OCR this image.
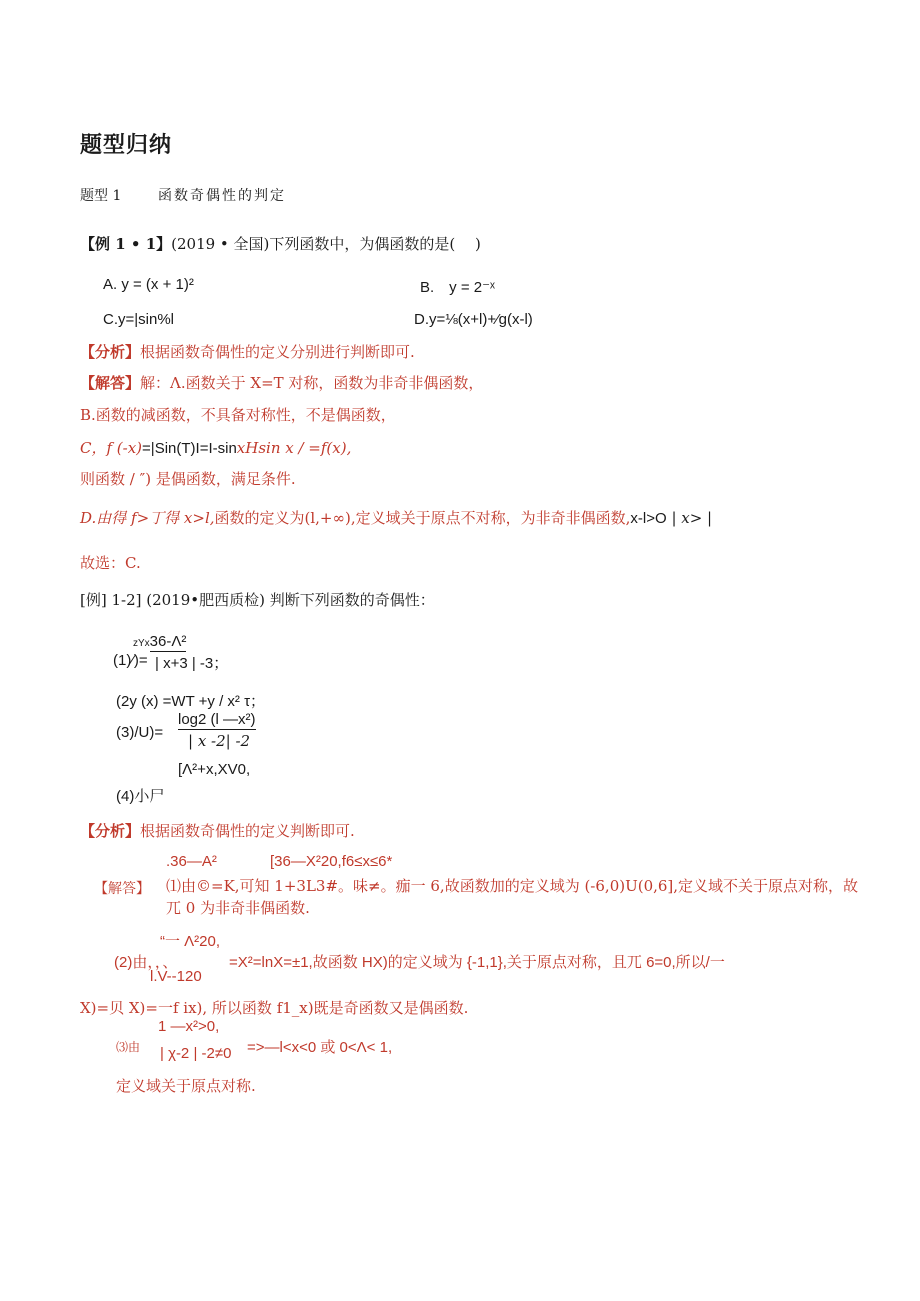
题型归纳
题型 1	函数奇偶性的判定
【例 1 • 1】(2019 • 全国)下列函数中，为偶函数的是(　 )
A. y = (x + 1)²	B.　y = 2⁻ˣ
C.y=|sin%l	D.y=⅛(x+l)+⁄g(x-l)
【分析】根据函数奇偶性的定义分别进行判断即可.
【解答】解：Λ.函数关于 X=T 对称，函数为非奇非偶函数，
B.函数的减函数，不具备对称性，不是偶函数，
C，f (-x)=|Sin(T)I=I-sinxHsin x / =f(x),
则函数 / ″) 是偶函数，满足条件.
D.由得 f>丁得 x>l,函数的定义为(l,+∞),定义域关于原点不对称，为非奇非偶函数,x-l>O | x> |
故选：C.
[例] 1-2] (2019•肥西质检) 判断下列函数的奇偶性：
zYx36-Λ²
(1)⁄)= | x+3 | -3；
(2y (x) =WT +y / x² τ；
(3)/U)=
log2 (l —x²)
| x -2| -2
[Λ²+x,XV0,
(4)小尸
【分析】根据函数奇偶性的定义判断即可.
.36—A²	[36—X²20,f6≤x≤6*
【解答】 ⑴由©=K,可知 1+3L3#。味≠。痂一 6,故函数加的定义域为 (-6,0)U(0,6],定义域不关于原点对称，故
兀 0 为非奇非偶函数.
“一 Λ²20,
(2)由，，、	=X²=lnX=±1,故函数 HX)的定义域为 {-1,1},关于原点对称，且兀 6=0,所以/一
l.V--120
X)=贝 X)=一f ix), 所以函数 f1_x)既是奇函数又是偶函数.
1 —x²>0,
⑶由 | χ-2 | -2≠0 =>—l<x<0 或 0<Λ< 1,
定义域关于原点对称.
